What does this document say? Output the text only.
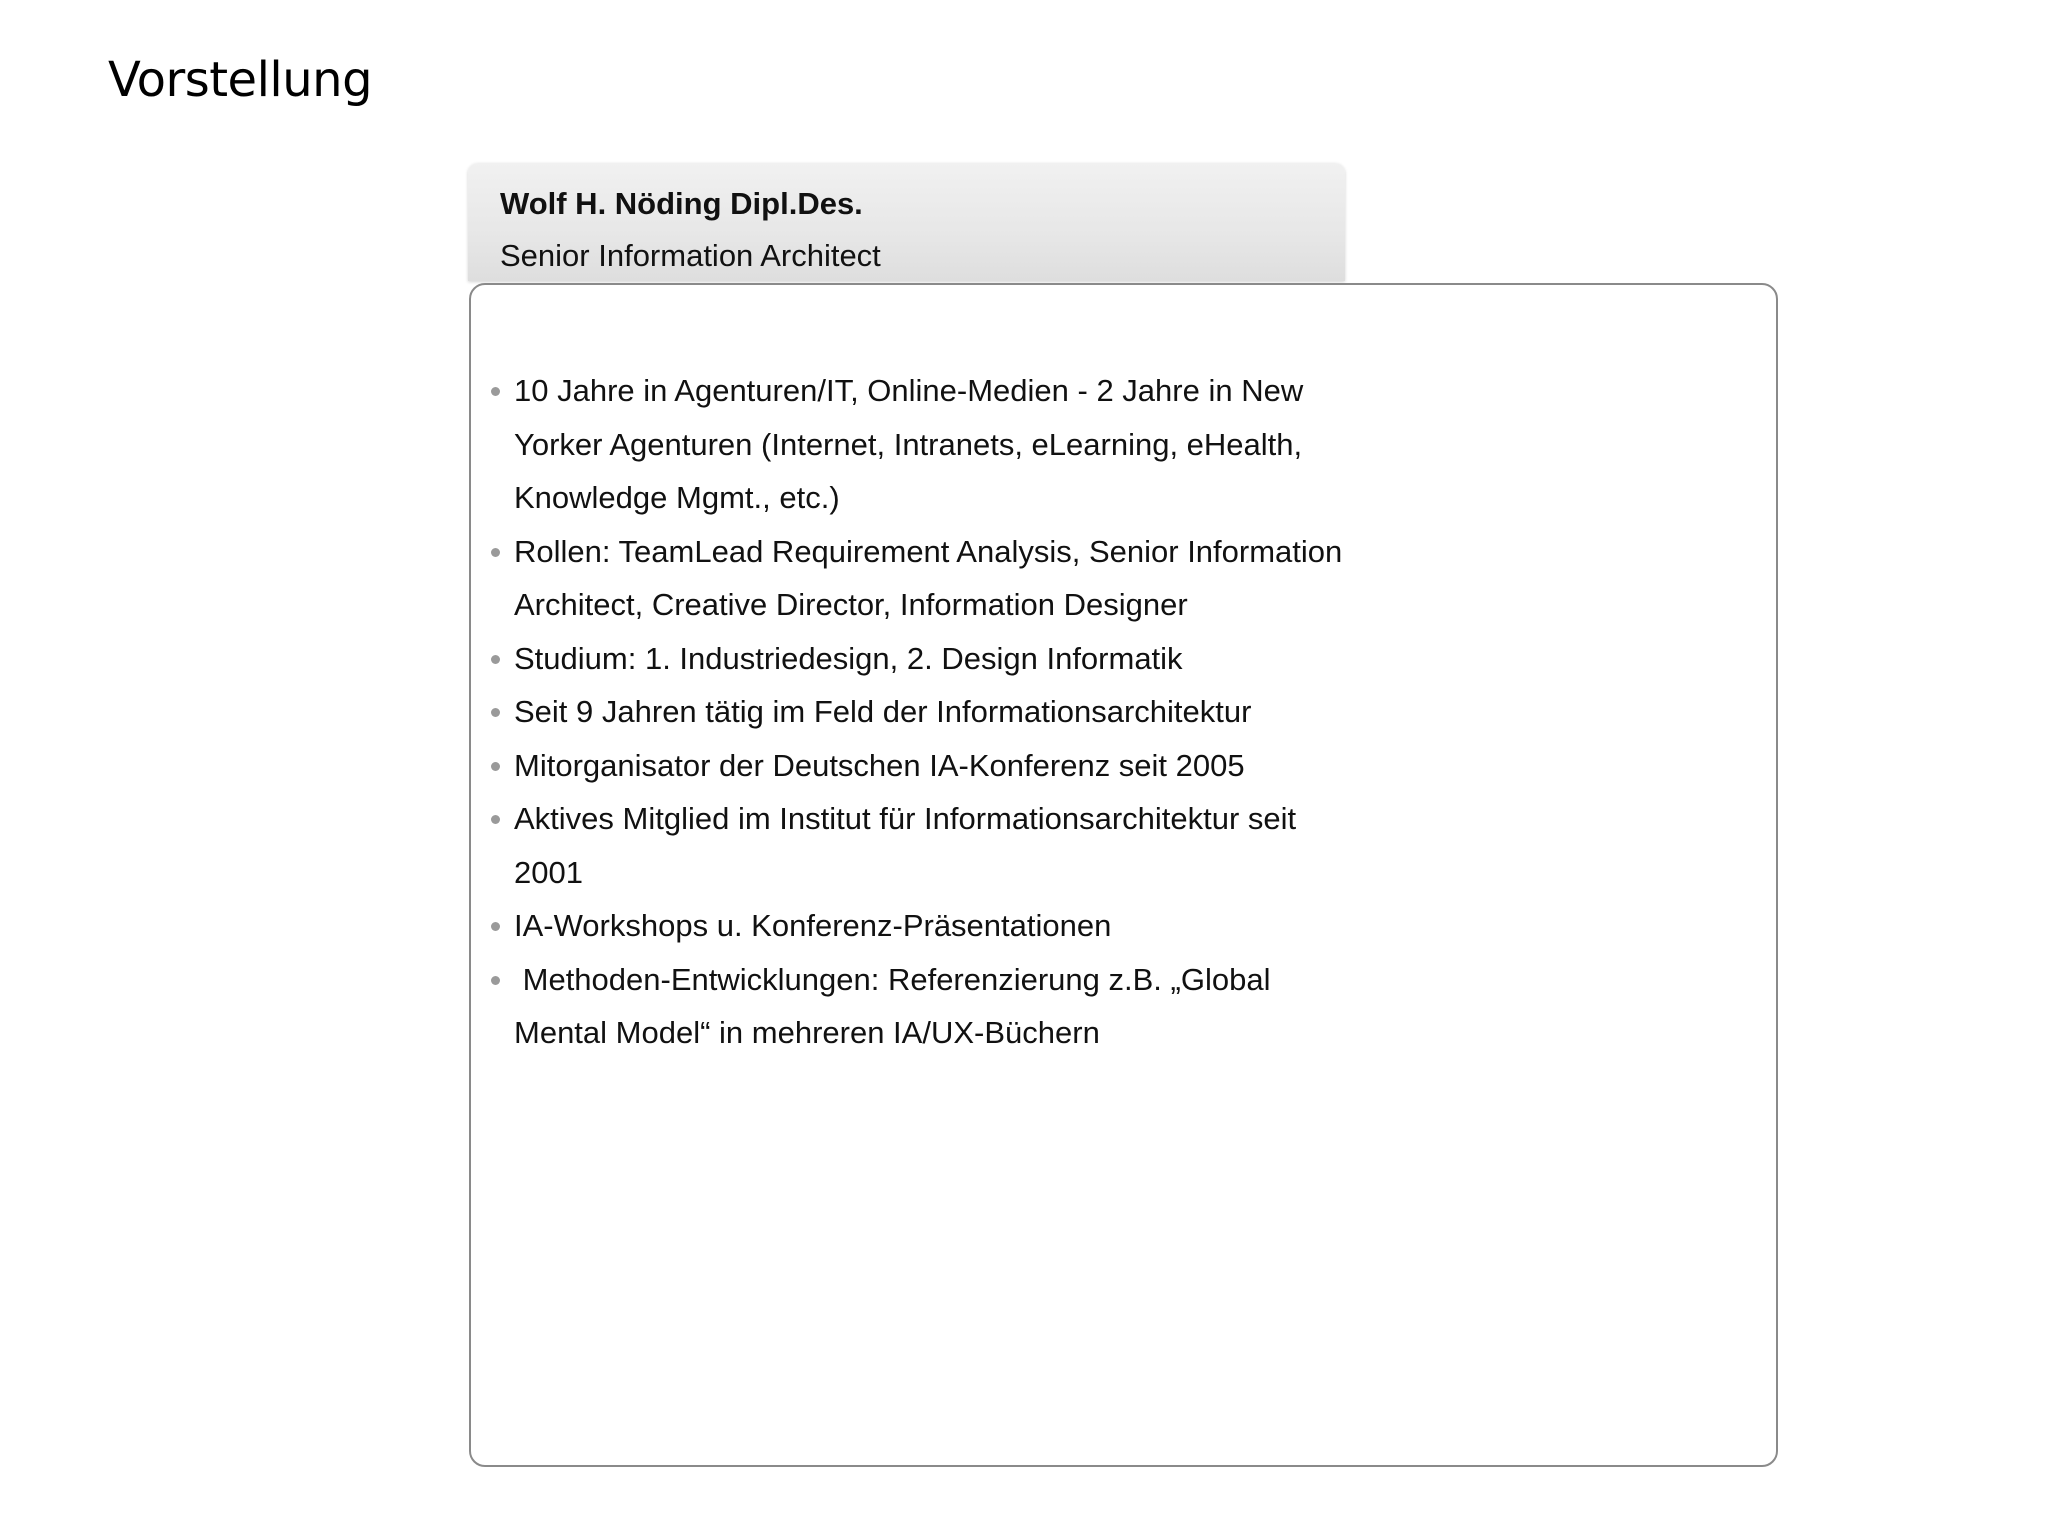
Vorstellung

Wolf H. Nöding Dipl.Des.

Senior Information Architect

10 Jahre in Agenturen/IT, Online-Medien - 2 Jahre in New Yorker Agenturen (Internet, Intranets, eLearning, eHealth, Knowledge Mgmt., etc.)
Rollen: TeamLead Requirement Analysis, Senior Information Architect, Creative Director, Information Designer
Studium: 1. Industriedesign, 2. Design Informatik
Seit 9 Jahren tätig im Feld der Informationsarchitektur
Mitorganisator der Deutschen IA-Konferenz seit 2005
Aktives Mitglied im Institut für Informationsarchitektur seit 2001
IA-Workshops u. Konferenz-Präsentationen
Methoden-Entwicklungen: Referenzierung z.B. „Global Mental Model“ in mehreren IA/UX-Büchern
